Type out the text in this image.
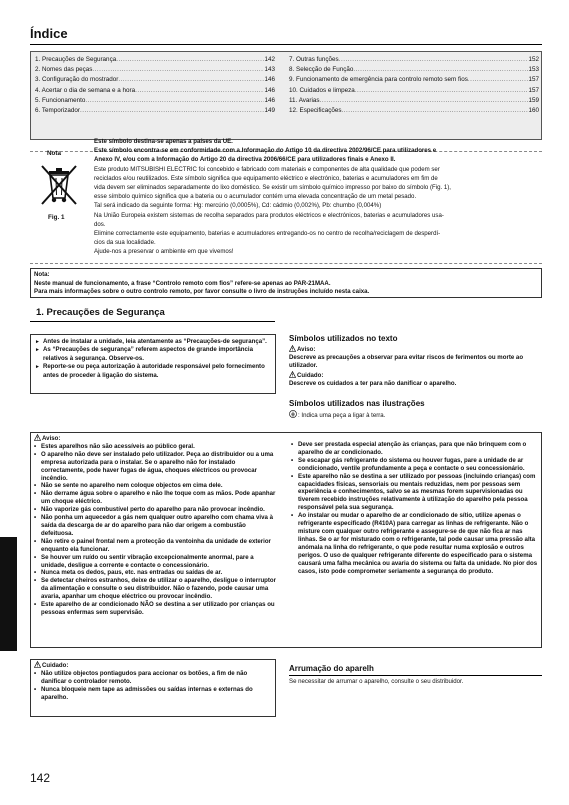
Índice
1. Precauções de Segurança .....	142
2. Nomes das peças .....	143
3. Configuração do mostrador .....	146
4. Acertar o dia de semana e a hora .....	146
5. Funcionamento .....	146
6. Temporizador .....	149
7. Outras funções .....	152
8. Selecção de Função .....	153
9. Funcionamento de emergência para controlo remoto sem fios .....	157
10. Cuidados e limpeza .....	157
11. Avarias .....	159
12. Especificações .....	160
Nota
Fig. 1

Este símbolo destina-se apenas a países da UE.

Este símbolo encontra-se em conformidade com a Informação do Artigo 10 da directiva 2002/96/CE para utilizadores e

Anexo IV, e/ou com a Informação do Artigo 20 da directiva 2006/66/CE para utilizadores finais e Anexo II.

Este produto MITSUBISHI ELECTRIC foi concebido e fabricado com materiais e componentes de alta qualidade que podem ser

reciclados e/ou reutilizados. Este símbolo significa que equipamento eléctrico e electrónico, baterias e acumuladores em fim de

vida devem ser eliminados separadamente do lixo doméstico. Se existir um símbolo químico impresso por baixo do símbolo (Fig. 1),

esse símbolo químico significa que a bateria ou o acumulador contém uma elevada concentração de um metal pesado.

Tal será indicado da seguinte forma: Hg: mercúrio (0,0005%), Cd: cádmio (0,002%), Pb: chumbo (0,004%)

Na União Europeia existem sistemas de recolha separados para produtos eléctricos e electrónicos, baterias e acumuladores usa-

dos.

Elimine correctamente este equipamento, baterias e acumuladores entregando-os no centro de recolha/reciclagem de desperdí-

cios da sua localidade.

Ajude-nos a preservar o ambiente em que vivemos!

Nota:
Neste manual de funcionamento, a frase “Controlo remoto com fios” refere-se apenas ao PAR-21MAA.
Para mais informações sobre o outro controlo remoto, por favor consulte o livro de instruções incluído nesta caixa.
1. Precauções de Segurança
► Antes de instalar a unidade, leia atentamente as “Precauções-de segurança”.
► As “Precauções de segurança” referem aspectos de grande importância relativos à segurança. Observe-os.
► Reporte-se ou peça autorização à autoridade responsável pelo fornecimento antes de proceder à ligação do sistema.
Símbolos utilizados no texto
Aviso:
Descreve as precauções a observar para evitar riscos de ferimentos ou morte ao utilizador.
Cuidado:
Descreve os cuidados a ter para não danificar o aparelho.
Símbolos utilizados nas ilustrações
: Indica uma peça a ligar à terra.
Aviso:
• Estes aparelhos não são acessíveis ao público geral.
• O aparelho não deve ser instalado pelo utilizador. Peça ao distribuidor ou a uma empresa autorizada para o instalar. Se o aparelho não for instalado correctamente, pode haver fugas de água, choques eléctricos ou provocar incêndio.
• Não se sente no aparelho nem coloque objectos em cima dele.
• Não derrame água sobre o aparelho e não lhe toque com as mãos. Pode apanhar um choque eléctrico.
• Não vaporize gás combustível perto do aparelho para não provocar incêndio.
• Não ponha um aquecedor a gás nem qualquer outro aparelho com chama viva à saída da descarga de ar do aparelho para não dar origem a combustão defeituosa.
• Não retire o painel frontal nem a protecção da ventoinha da unidade de exterior enquanto ela funcionar.
• Se houver um ruído ou sentir vibração excepcionalmente anormal, pare a unidade, desligue a corrente e contacte o concessionário.
• Nunca meta os dedos, paus, etc. nas entradas ou saídas de ar.
• Se detectar cheiros estranhos, deixe de utilizar o aparelho, desligue o interruptor da alimentação e consulte o seu distribuidor. Não o fazendo, pode causar uma avaria, apanhar um choque eléctrico ou provocar incêndio.
• Este aparelho de ar condicionado NÃO se destina a ser utilizado por crianças ou pessoas enfermas sem supervisão.
• Deve ser prestada especial atenção às crianças, para que não brinquem com o aparelho de ar condicionado.
• Se escapar gás refrigerante do sistema ou houver fugas, pare a unidade de ar condicionado, ventile profundamente a peça e contacte o seu concessionário.
• Este aparelho não se destina a ser utilizado por pessoas (incluindo crianças) com capacidades físicas, sensoriais ou mentais reduzidas, nem por pessoas sem experiência e conhecimentos, salvo se as mesmas forem supervisionadas ou tiverem recebido instruções relativamente à utilização do aparelho pela pessoa responsável pela sua segurança.
• Ao instalar ou mudar o aparelho de ar condicionado de sítio, utilize apenas o refrigerante especificado (R410A) para carregar as linhas de refrigerante. Não o misture com qualquer outro refrigerante e assegure-se de que não fica ar nas linhas. Se o ar for misturado com o refrigerante, tal pode causar uma pressão alta anómala na linha do refrigerante, o que pode resultar numa explosão e outros perigos. O uso de qualquer refrigerante diferente do especificado para o sistema causará uma falha mecânica ou avaria do sistema ou falta da unidade. No pior dos casos, isto pode comprometer seriamente a segurança do produto.
Cuidado:
• Não utilize objectos pontiagudos para accionar os botões, a fim de não danificar o controlador remoto.
• Nunca bloqueie nem tape as admissões ou saídas internas e externas do aparelho.
Arrumação do aparelh
Se necessitar de arrumar o aparelho, consulte o seu distribuidor.
142
